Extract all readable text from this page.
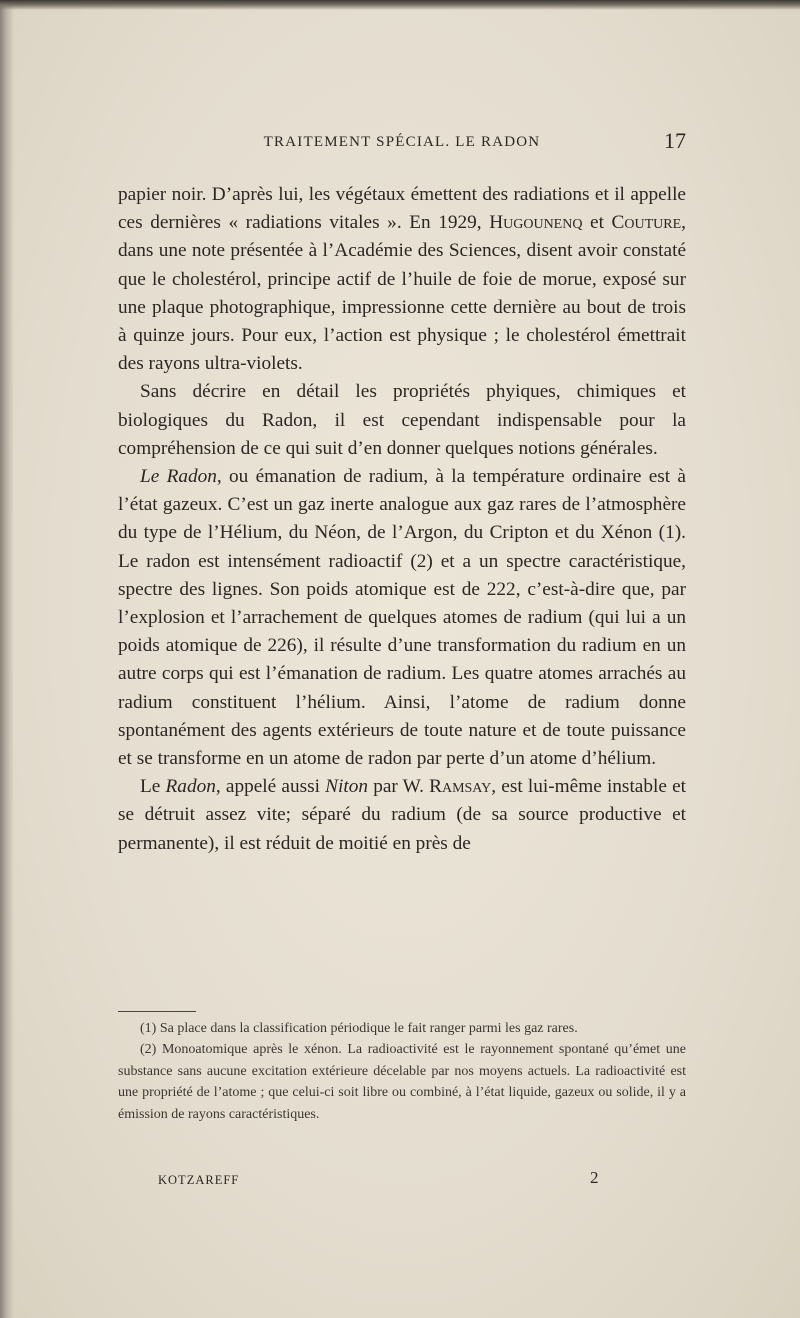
TRAITEMENT SPÉCIAL. LE RADON	17

papier noir. D’après lui, les végétaux émettent des radiations et il appelle ces dernières « radiations vitales ». En 1929, Hugounenq et Couture, dans une note présentée à l’Académie des Sciences, disent avoir constaté que le cholestérol, principe actif de l’huile de foie de morue, exposé sur une plaque photographique, impressionne cette dernière au bout de trois à quinze jours. Pour eux, l’action est physique ; le cholestérol émettrait des rayons ultra-violets.

Sans décrire en détail les propriétés phyiques, chimiques et biologiques du Radon, il est cependant indispensable pour la compréhension de ce qui suit d’en donner quelques notions générales.

Le Radon, ou émanation de radium, à la température ordinaire est à l’état gazeux. C’est un gaz inerte analogue aux gaz rares de l’atmosphère du type de l’Hélium, du Néon, de l’Argon, du Cripton et du Xénon (1). Le radon est intensément radioactif (2) et a un spectre caractéristique, spectre des lignes. Son poids atomique est de 222, c’est-à-dire que, par l’explosion et l’arrachement de quelques atomes de radium (qui lui a un poids atomique de 226), il résulte d’une transformation du radium en un autre corps qui est l’émanation de radium. Les quatre atomes arrachés au radium constituent l’hélium. Ainsi, l’atome de radium donne spontanément des agents extérieurs de toute nature et de toute puissance et se transforme en un atome de radon par perte d’un atome d’hélium.

Le Radon, appelé aussi Niton par W. Ramsay, est lui-même instable et se détruit assez vite; séparé du radium (de sa source productive et permanente), il est réduit de moitié en près de

(1) Sa place dans la classification périodique le fait ranger parmi les gaz rares.

(2) Monoatomique après le xénon. La radioactivité est le rayonnement spontané qu’émet une substance sans aucune excitation extérieure décelable par nos moyens actuels. La radioactivité est une propriété de l’atome ; que celui-ci soit libre ou combiné, à l’état liquide, gazeux ou solide, il y a émission de rayons caractéristiques.

KOTZAREFF	2
